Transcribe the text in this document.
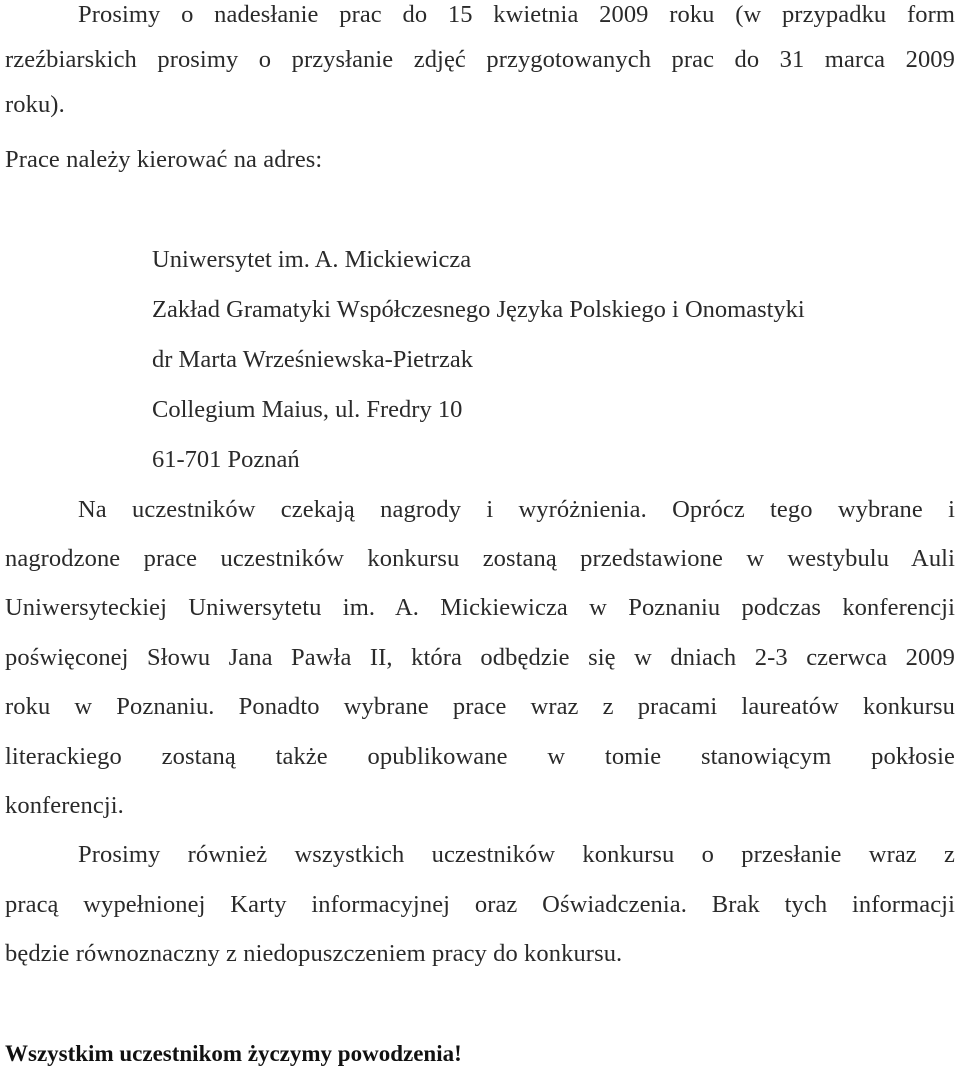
Prosimy o nadesłanie prac do 15 kwietnia 2009 roku (w przypadku form
rzeźbiarskich prosimy o przysłanie zdjęć przygotowanych prac do 31 marca 2009
roku).
Prace należy kierować na adres:
Uniwersytet im. A. Mickiewicza
Zakład Gramatyki Współczesnego Języka Polskiego i Onomastyki
dr Marta Wrześniewska-Pietrzak
Collegium Maius, ul. Fredry 10
61-701 Poznań
Na uczestników czekają nagrody i wyróżnienia. Oprócz tego wybrane i
nagrodzone prace uczestników konkursu zostaną przedstawione w westybulu Auli
Uniwersyteckiej Uniwersytetu im. A. Mickiewicza w Poznaniu podczas konferencji
poświęconej Słowu Jana Pawła II, która odbędzie się w dniach 2-3 czerwca 2009
roku w Poznaniu. Ponadto wybrane prace wraz z pracami laureatów konkursu
literackiego zostaną także opublikowane w tomie stanowiącym pokłosie
konferencji.
Prosimy również wszystkich uczestników konkursu o przesłanie wraz z
pracą wypełnionej Karty informacyjnej oraz Oświadczenia. Brak tych informacji
będzie równoznaczny z niedopuszczeniem pracy do konkursu.
Wszystkim uczestnikom życzymy powodzenia!
